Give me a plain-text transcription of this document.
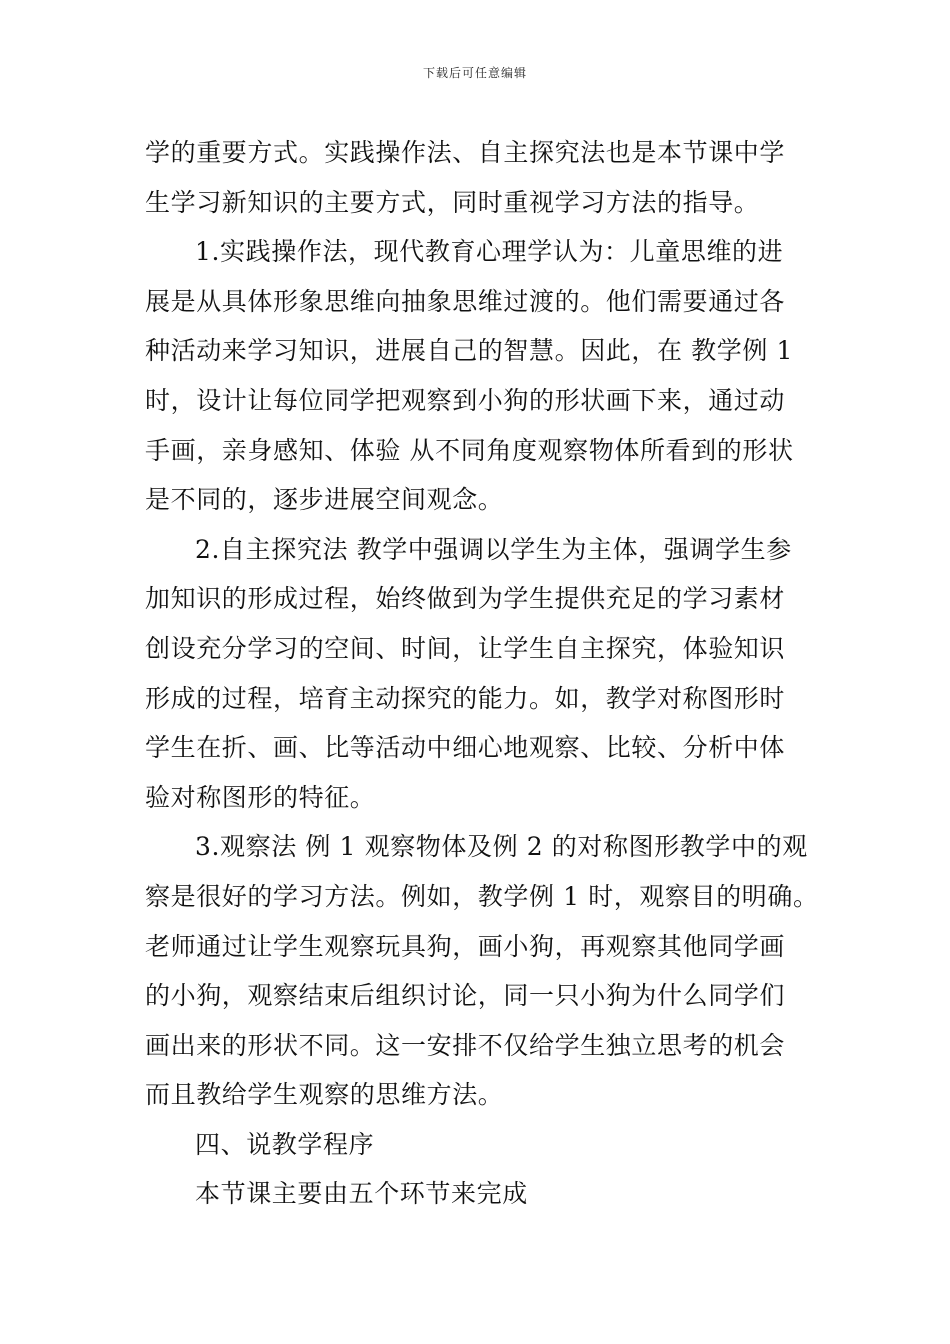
下载后可任意编辑
学的重要方式。实践操作法、自主探究法也是本节课中学
生学习新知识的主要方式，同时重视学习方法的指导。
1.实践操作法，现代教育心理学认为：儿童思维的进
展是从具体形象思维向抽象思维过渡的。他们需要通过各
种活动来学习知识，进展自己的智慧。因此，在 教学例 1
时，设计让每位同学把观察到小狗的形状画下来，通过动
手画，亲身感知、体验 从不同角度观察物体所看到的形状
是不同的，逐步进展空间观念。
2.自主探究法 教学中强调以学生为主体，强调学生参
加知识的形成过程，始终做到为学生提供充足的学习素材
创设充分学习的空间、时间，让学生自主探究，体验知识
形成的过程，培育主动探究的能力。如，教学对称图形时
学生在折、画、比等活动中细心地观察、比较、分析中体
验对称图形的特征。
3.观察法 例 1 观察物体及例 2 的对称图形教学中的观
察是很好的学习方法。例如，教学例 1 时，观察目的明确。
老师通过让学生观察玩具狗，画小狗，再观察其他同学画
的小狗，观察结束后组织讨论，同一只小狗为什么同学们
画出来的形状不同。这一安排不仅给学生独立思考的机会
而且教给学生观察的思维方法。
四、说教学程序
本节课主要由五个环节来完成
